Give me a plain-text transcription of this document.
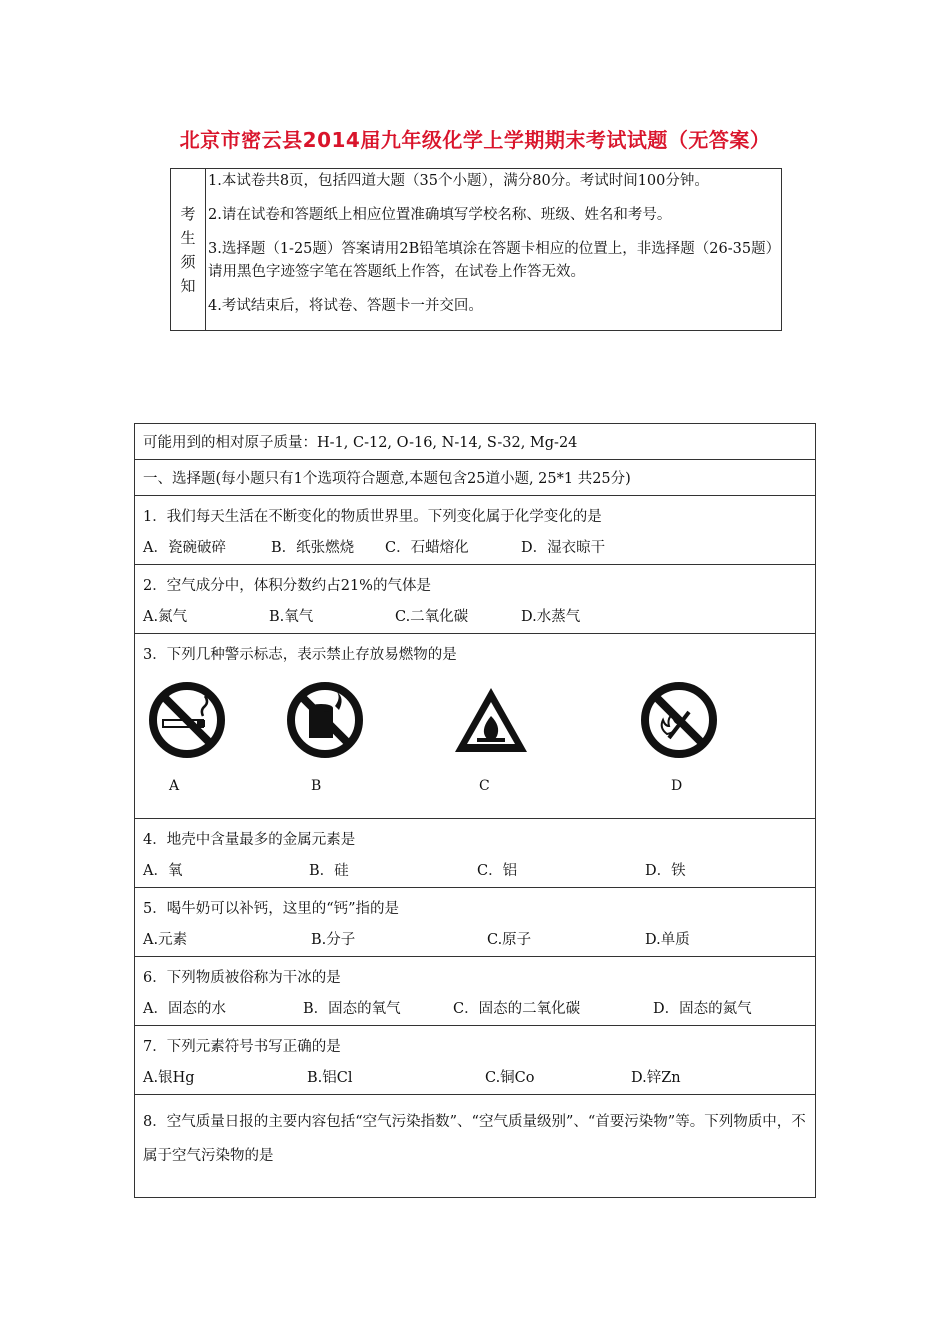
北京市密云县2014届九年级化学上学期期末考试试题（无答案）
考
生
须
知	

1.本试卷共8页，包括四道大题（35个小题），满分80分。考试时间100分钟。

2.请在试卷和答题纸上相应位置准确填写学校名称、班级、姓名和考号。

3.选择题（1-25题）答案请用2B铅笔填涂在答题卡相应的位置上，非选择题（26-35题）请用黑色字迹签字笔在答题纸上作答，在试卷上作答无效。

4.考试结束后，将试卷、答题卡一并交回。

可能用到的相对原子质量：H-1, C-12, O-16, N-14, S-32, Mg-24
一、选择题(每小题只有1个选项符合题意,本题包含25道小题, 25*1 共25分)

1．我们每天生活在不断变化的物质世界里。下列变化属于化学变化的是
A．瓷碗破碎	B．纸张燃烧 C．石蜡熔化	D．湿衣晾干

2．空气成分中，体积分数约占21%的气体是
A.氮气	B.氧气	C.二氧化碳	D.水蒸气

3．下列几种警示标志，表示禁止存放易燃物的是
A	B	C	D

4．地壳中含量最多的金属元素是
A．氧	B．硅	C．铝	D．铁

5．喝牛奶可以补钙，这里的“钙”指的是
A.元素	B.分子	C.原子	D.单质

6．下列物质被俗称为干冰的是
A．固态的水	B．固态的氧气	C．固态的二氧化碳	D．固态的氮气

7．下列元素符号书写正确的是
A.银Hg	B.铝Cl	C.铜Co	D.锌Zn

8．空气质量日报的主要内容包括“空气污染指数”、“空气质量级别”、“首要污染物”等。下列物质中，不属于空气污染物的是
